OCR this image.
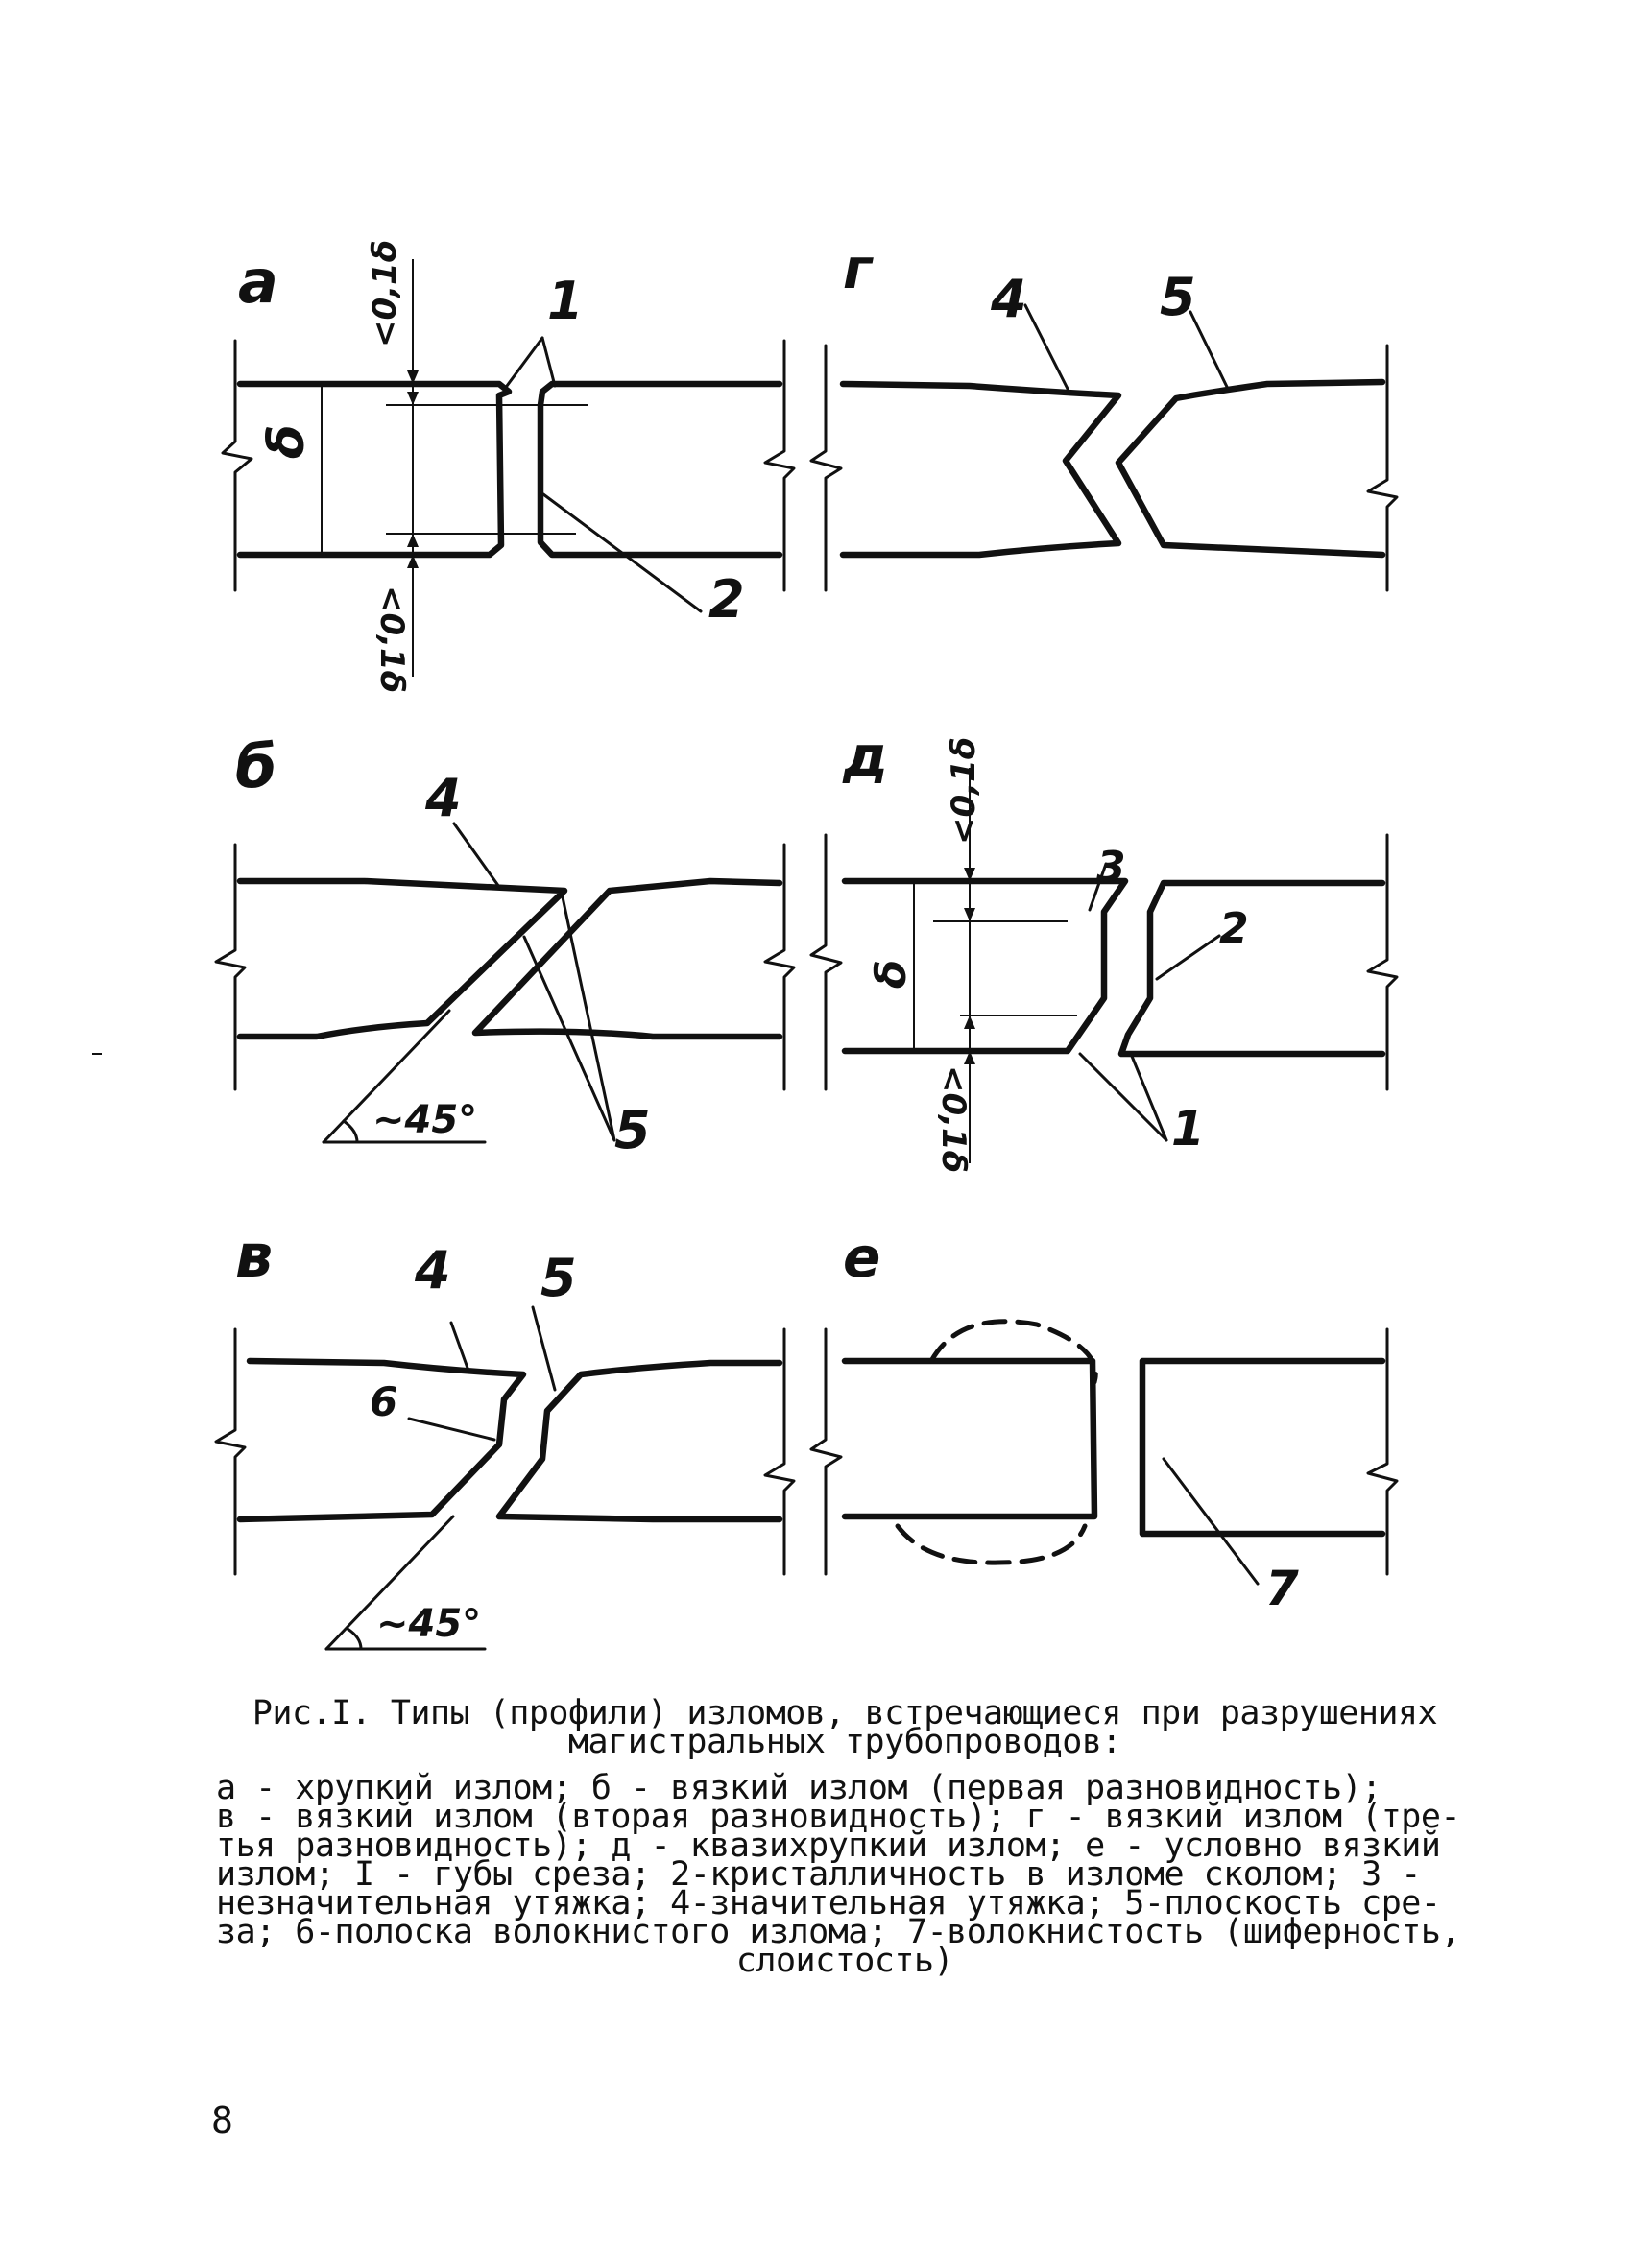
а	<0,1δ
<0,1δ
δ
1
2
б	4
5
~45°
в	4 5
6
~45°
г 4	5
д <0,1δ
<0,1δ
δ
3
2
1
е
7
Рис.I. Типы (профили) изломов, встречающиеся при разрушениях
магистральных трубопроводов:
а - хрупкий излом; б - вязкий излом (первая разновидность);
в - вязкий излом (вторая разновидность); г - вязкий излом (тре-
тья разновидность); д - квазихрупкий излом; е - условно вязкий
излом; I - губы среза; 2-кристалличность в изломе сколом; 3 -
незначительная утяжка; 4-значительная утяжка; 5-плоскость сре-
за; 6-полоска волокнистого излома; 7-волокнистость (шиферность,
слоистость)
8
